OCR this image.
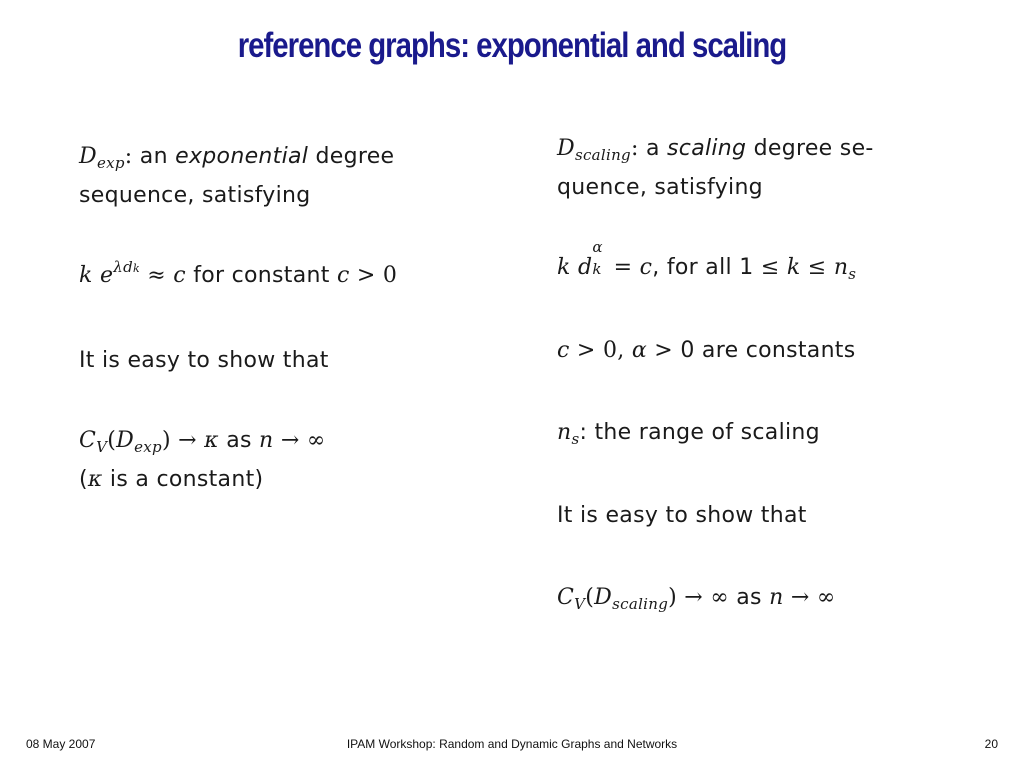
reference graphs: exponential and scaling
$D_{exp}$: an exponential degree sequence, satisfying
k $e^{\lambda dk} \approx c$ for constant c > 0
It is easy to show that
$C_V(D_{exp}) \to \kappa$ as n → ∞
(κ is a constant)
$D_{scaling}$: a scaling degree se-
quence, satisfying
k d
α
k = c, for all $1 \le k \le n_s$
c > 0, α > 0 are constants
$n_s$: the range of scaling
It is easy to show that
$C_V(D_{scaling})$ → ∞ as n → ∞
08 May 2007	IPAM Workshop: Random and Dynamic Graphs and Networks	20
